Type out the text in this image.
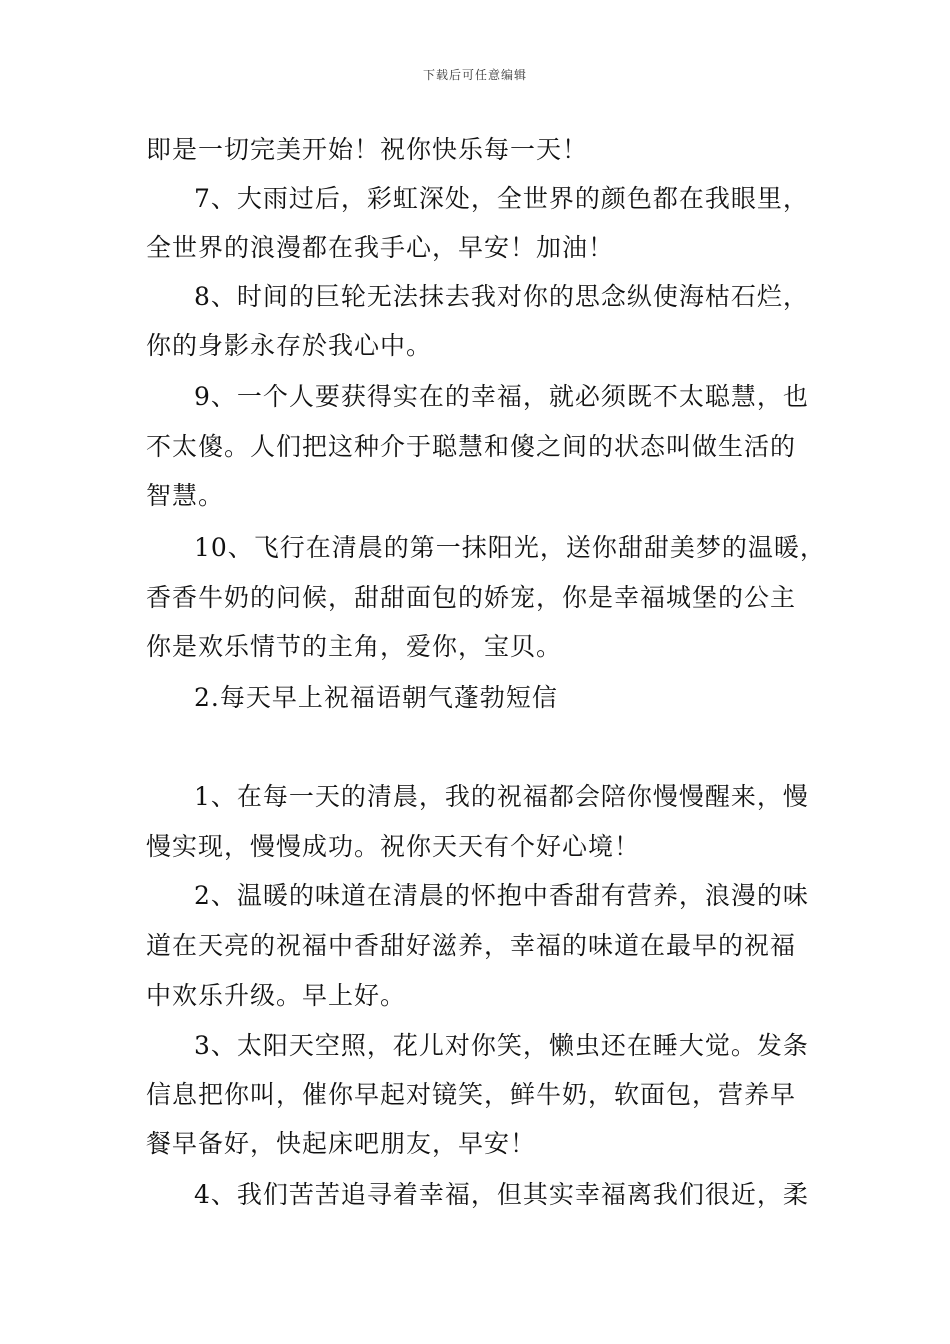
下载后可任意编辑
即是一切完美开始！祝你快乐每一天！
7、大雨过后，彩虹深处，全世界的颜色都在我眼里，
全世界的浪漫都在我手心，早安！加油！
8、时间的巨轮无法抹去我对你的思念纵使海枯石烂，
你的身影永存於我心中。
9、一个人要获得实在的幸福，就必须既不太聪慧，也
不太傻。人们把这种介于聪慧和傻之间的状态叫做生活的
智慧。
10、飞行在清晨的第一抹阳光，送你甜甜美梦的温暖，
香香牛奶的问候，甜甜面包的娇宠，你是幸福城堡的公主
你是欢乐情节的主角，爱你，宝贝。
2.每天早上祝福语朝气蓬勃短信
1、在每一天的清晨，我的祝福都会陪你慢慢醒来，慢
慢实现，慢慢成功。祝你天天有个好心境！
2、温暖的味道在清晨的怀抱中香甜有营养，浪漫的味
道在天亮的祝福中香甜好滋养，幸福的味道在最早的祝福
中欢乐升级。早上好。
3、太阳天空照，花儿对你笑，懒虫还在睡大觉。发条
信息把你叫，催你早起对镜笑，鲜牛奶，软面包，营养早
餐早备好，快起床吧朋友，早安！
4、我们苦苦追寻着幸福，但其实幸福离我们很近，柔
